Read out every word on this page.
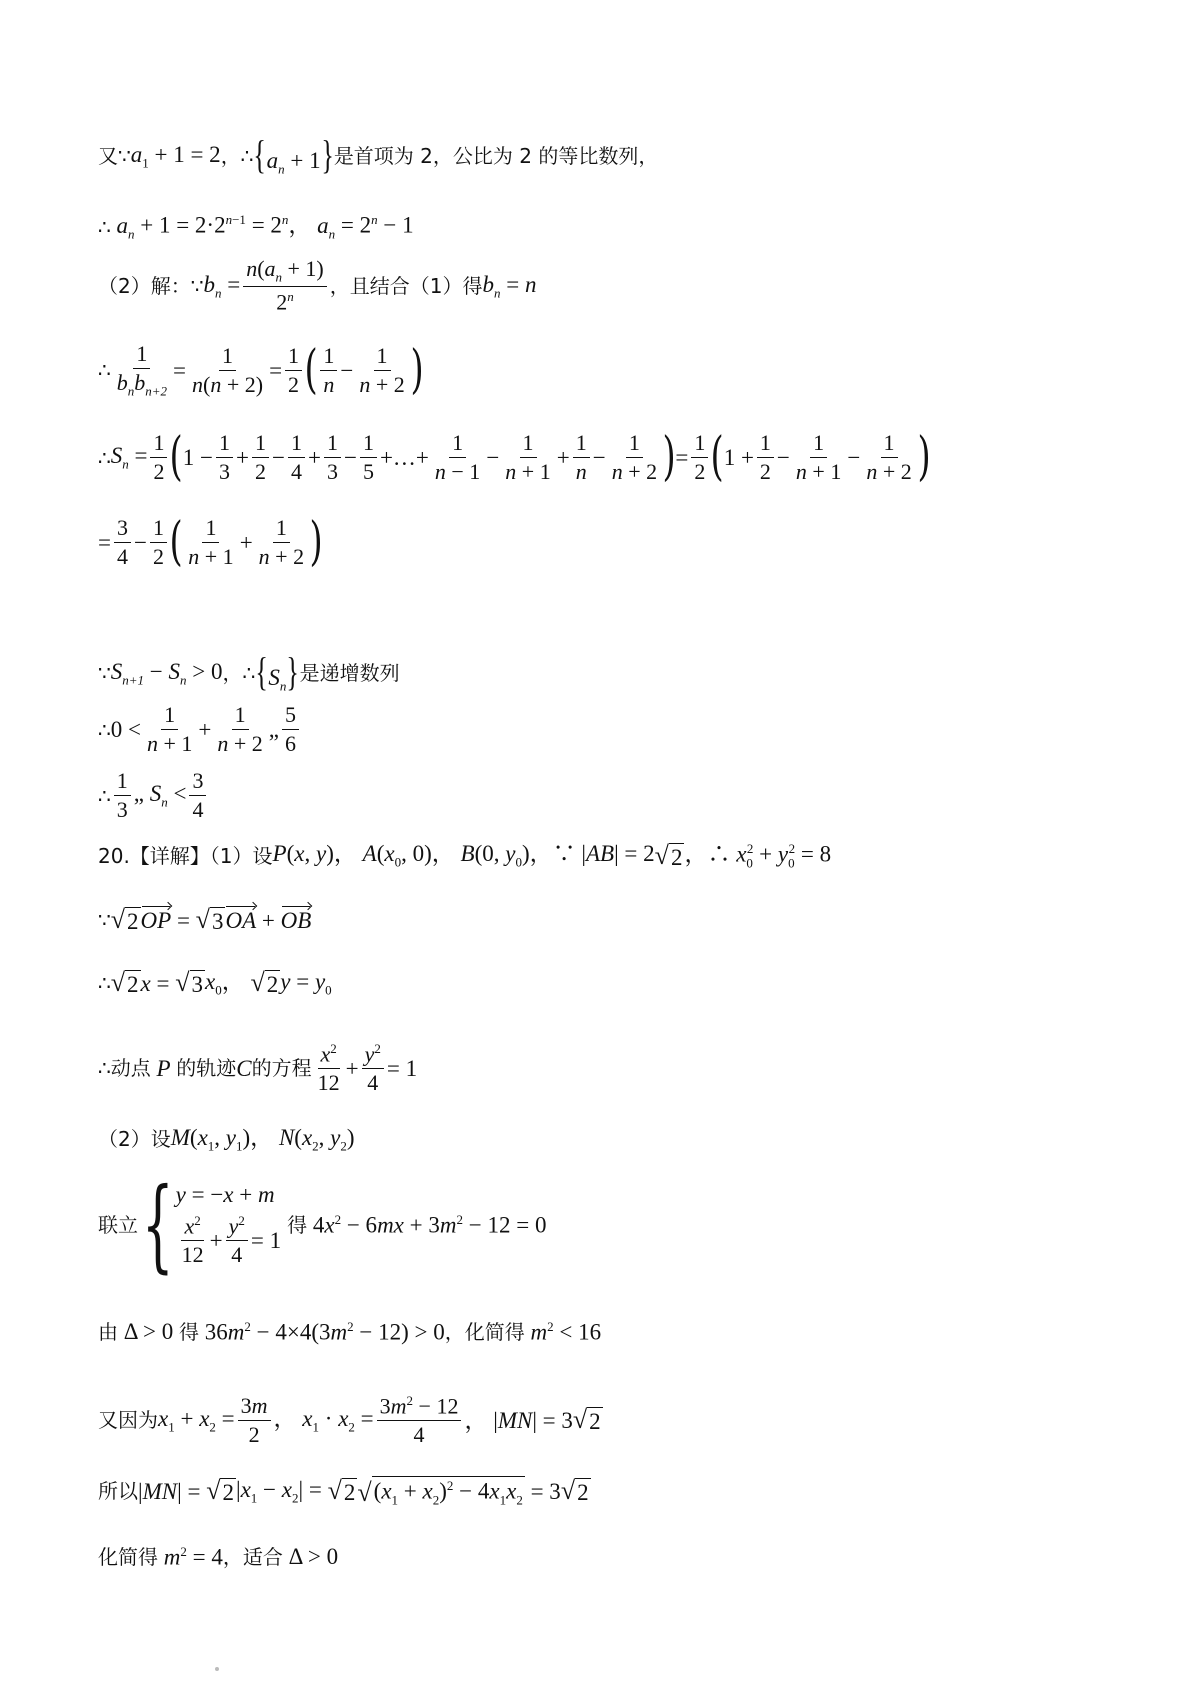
又∵ $a_1 + 1 = 2$ ，∴ $\{a_n + 1\}$ 是首项为 2，公比为 2 的等比数列，
∴ $a_n + 1 = 2\cdot 2^{n-1} = 2^n$， $a_n = 2^n - 1$
（2）解：∵ $b_n = \frac{n(a_n + 1)}{2^n}$ ，且结合（1）得 $b_n = n$
∴ $\frac{1}{b_nb_{n+2}} = \frac{1}{n(n + 2)} = \frac{1}{2}$ ( $\frac{1}{n} - \frac{1}{n + 2}$ )
∴ $S_n = \frac{1}{2}$ ( $1 - \frac{1}{3} + \frac{1}{2} - \frac{1}{4} + \frac{1}{3} - \frac{1}{5}$ +…+ $\frac{1}{n - 1} - \frac{1}{n + 1} + \frac{1}{n} - \frac{1}{n + 2}$ ) = $\frac{1}{2}$ ( $1 + \frac{1}{2} - \frac{1}{n + 1} - \frac{1}{n + 2}$ )
= $\frac{3}{4} - \frac{1}{2}$ ( $\frac{1}{n + 1} + \frac{1}{n + 2}$ )
∵ $S_{n+1} - S_n > 0$ ，∴ $\{S_n\}$ 是递增数列
∴ $0 < \frac{1}{n + 1} + \frac{1}{n + 2}$ „ $\frac{5}{6}$
∴ $\frac{1}{3}$ „ $S_n < \frac{3}{4}$
20.【详解】（1）设 P(x, y)， $A(x_0$, 0)， B(0, $y_0$)，∵ |AB| = 2 √ 2 ，∴ $x_0^2 + y_0^2 = 8$
∵ √ 2 OP = √ 3 OA + OB
∴ √ 2 x = √ 3 $x_0$， √ 2 $y = y_0$
∴动点 P 的轨迹 C 的方程 $\frac{x^2}{12} + \frac{y^2}{4} = 1$
（2）设 $M(x_1$, $y_1$)， $N(x_2$, $y_2$)
联立 { y = −x + m
$\frac{x^2}{12} + \frac{y^2}{4} = 1$
得 $4x^2 - 6mx + 3m^2 - 12 = 0$
由 Δ > 0 得 $36m^2 - 4\times 4(3m^2 - 12) > 0$ ，化简得 $m^2 < 16$
又因为 $x_1 + x_2 = \frac{3m}{2}$ ， $x_1 \cdot x_2 = \frac{3m^2 - 12}{4}$ ， |MN| = 3 √ 2
所以 |MN| = √ 2 $|x_1 - x_2|$ = √ 2 √ $(x_1 + x_2)^2 - 4x_1x_2 = 3$ √ 2
化简得 $m^2 = 4$ ，适合 Δ > 0
